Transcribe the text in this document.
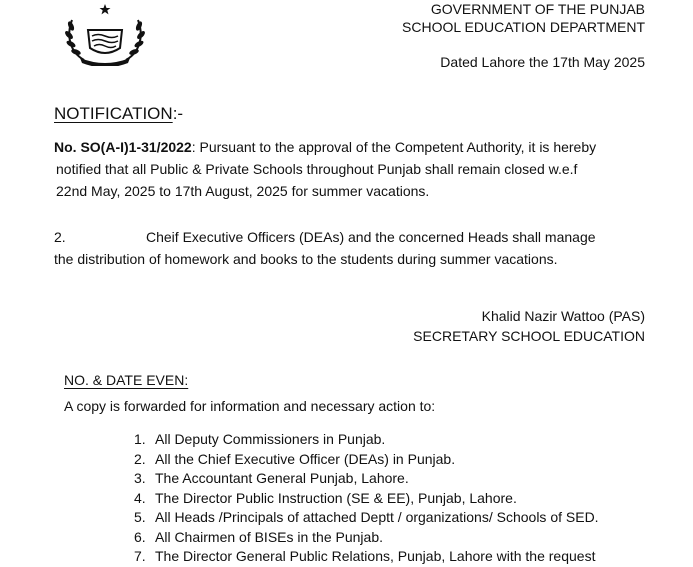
GOVERNMENT OF THE PUNJAB
SCHOOL EDUCATION DEPARTMENT
Dated Lahore the 17th May 2025
NOTIFICATION:-
No. SO(A-I)1-31/2022: Pursuant to the approval of the Competent Authority, it is hereby
notified that all Public & Private Schools throughout Punjab shall remain closed w.e.f
22nd May, 2025 to 17th August, 2025 for summer vacations.
2.	Cheif Executive Officers (DEAs) and the concerned Heads shall manage
the distribution of homework and books to the students during summer vacations.
Khalid Nazir Wattoo (PAS)
SECRETARY SCHOOL EDUCATION
NO. & DATE EVEN:
A copy is forwarded for information and necessary action to:
1. All Deputy Commissioners in Punjab.
2. All the Chief Executive Officer (DEAs) in Punjab.
3. The Accountant General Punjab, Lahore.
4. The Director Public Instruction (SE & EE), Punjab, Lahore.
5. All Heads /Principals of attached Deptt / organizations/ Schools of SED.
6. All Chairmen of BISEs in the Punjab.
7. The Director General Public Relations, Punjab, Lahore with the request
